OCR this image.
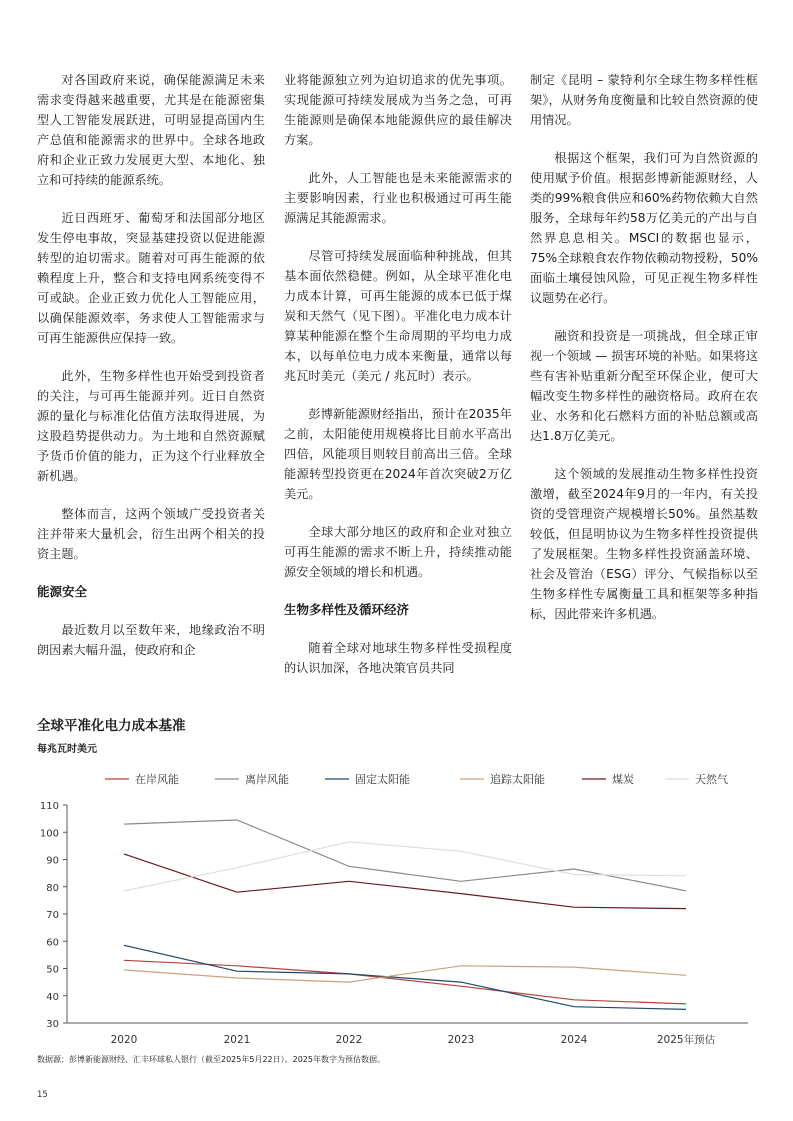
对各国政府来说，确保能源满足未来需求变得越来越重要，尤其是在能源密集型人工智能发展跃进，可明显提高国内生产总值和能源需求的世界中。全球各地政府和企业正致力发展更大型、本地化、独立和可持续的能源系统。

近日西班牙、葡萄牙和法国部分地区发生停电事故，突显基建投资以促进能源转型的迫切需求。随着对可再生能源的依赖程度上升，整合和支持电网系统变得不可或缺。企业正致力优化人工智能应用，以确保能源效率，务求使人工智能需求与可再生能源供应保持一致。

此外，生物多样性也开始受到投资者的关注，与可再生能源并列。近日自然资源的量化与标准化估值方法取得进展，为这股趋势提供动力。为土地和自然资源赋予货币价值的能力，正为这个行业释放全新机遇。

整体而言，这两个领域广受投资者关注并带来大量机会，衍生出两个相关的投资主题。

能源安全

最近数月以至数年来，地缘政治不明朗因素大幅升温，使政府和企

业将能源独立列为迫切追求的优先事项。实现能源可持续发展成为当务之急，可再生能源则是确保本地能源供应的最佳解决方案。

此外，人工智能也是未来能源需求的主要影响因素，行业也积极通过可再生能源满足其能源需求。

尽管可持续发展面临种种挑战，但其基本面依然稳健。例如，从全球平准化电力成本计算，可再生能源的成本已低于煤炭和天然气（见下图）。平准化电力成本计算某种能源在整个生命周期的平均电力成本，以每单位电力成本来衡量，通常以每兆瓦时美元（美元 / 兆瓦时）表示。

彭博新能源财经指出，预计在2035年之前，太阳能使用规模将比目前水平高出四倍，风能项目则较目前高出三倍。全球能源转型投资更在2024年首次突破2万亿美元。

全球大部分地区的政府和企业对独立可再生能源的需求不断上升，持续推动能源安全领域的增长和机遇。

生物多样性及循环经济

随着全球对地球生物多样性受损程度的认识加深，各地决策官员共同

制定《昆明 – 蒙特利尔全球生物多样性框架》，从财务角度衡量和比较自然资源的使用情况。

根据这个框架，我们可为自然资源的使用赋予价值。根据彭博新能源财经，人类的99%粮食供应和60%药物依赖大自然服务，全球每年约58万亿美元的产出与自然界息息相关。MSCI的数据也显示，75%全球粮食农作物依赖动物授粉，50%面临土壤侵蚀风险，可见正视生物多样性议题势在必行。

融资和投资是一项挑战，但全球正审视一个领域 — 损害环境的补贴。如果将这些有害补贴重新分配至环保企业，便可大幅改变生物多样性的融资格局。政府在农业、水务和化石燃料方面的补贴总额或高达1.8万亿美元。

这个领域的发展推动生物多样性投资激增，截至2024年9月的一年内，有关投资的受管理资产规模增长50%。虽然基数较低，但昆明协议为生物多样性投资提供了发展框架。生物多样性投资涵盖环境、社会及管治（ESG）评分、气候指标以至生物多样性专属衡量工具和框架等多种指标，因此带来许多机遇。

全球平准化电力成本基准
每兆瓦时美元
在岸风能	离岸风能	固定太阳能	追踪太阳能	煤炭	天然气
30
40
50
60
70
80
90
100
110
2020	2021	2022	2023	2024	2025年预估
数据源：彭博新能源财经、汇丰环球私人银行（截至2025年5月22日）。2025年数字为预估数据。
15
